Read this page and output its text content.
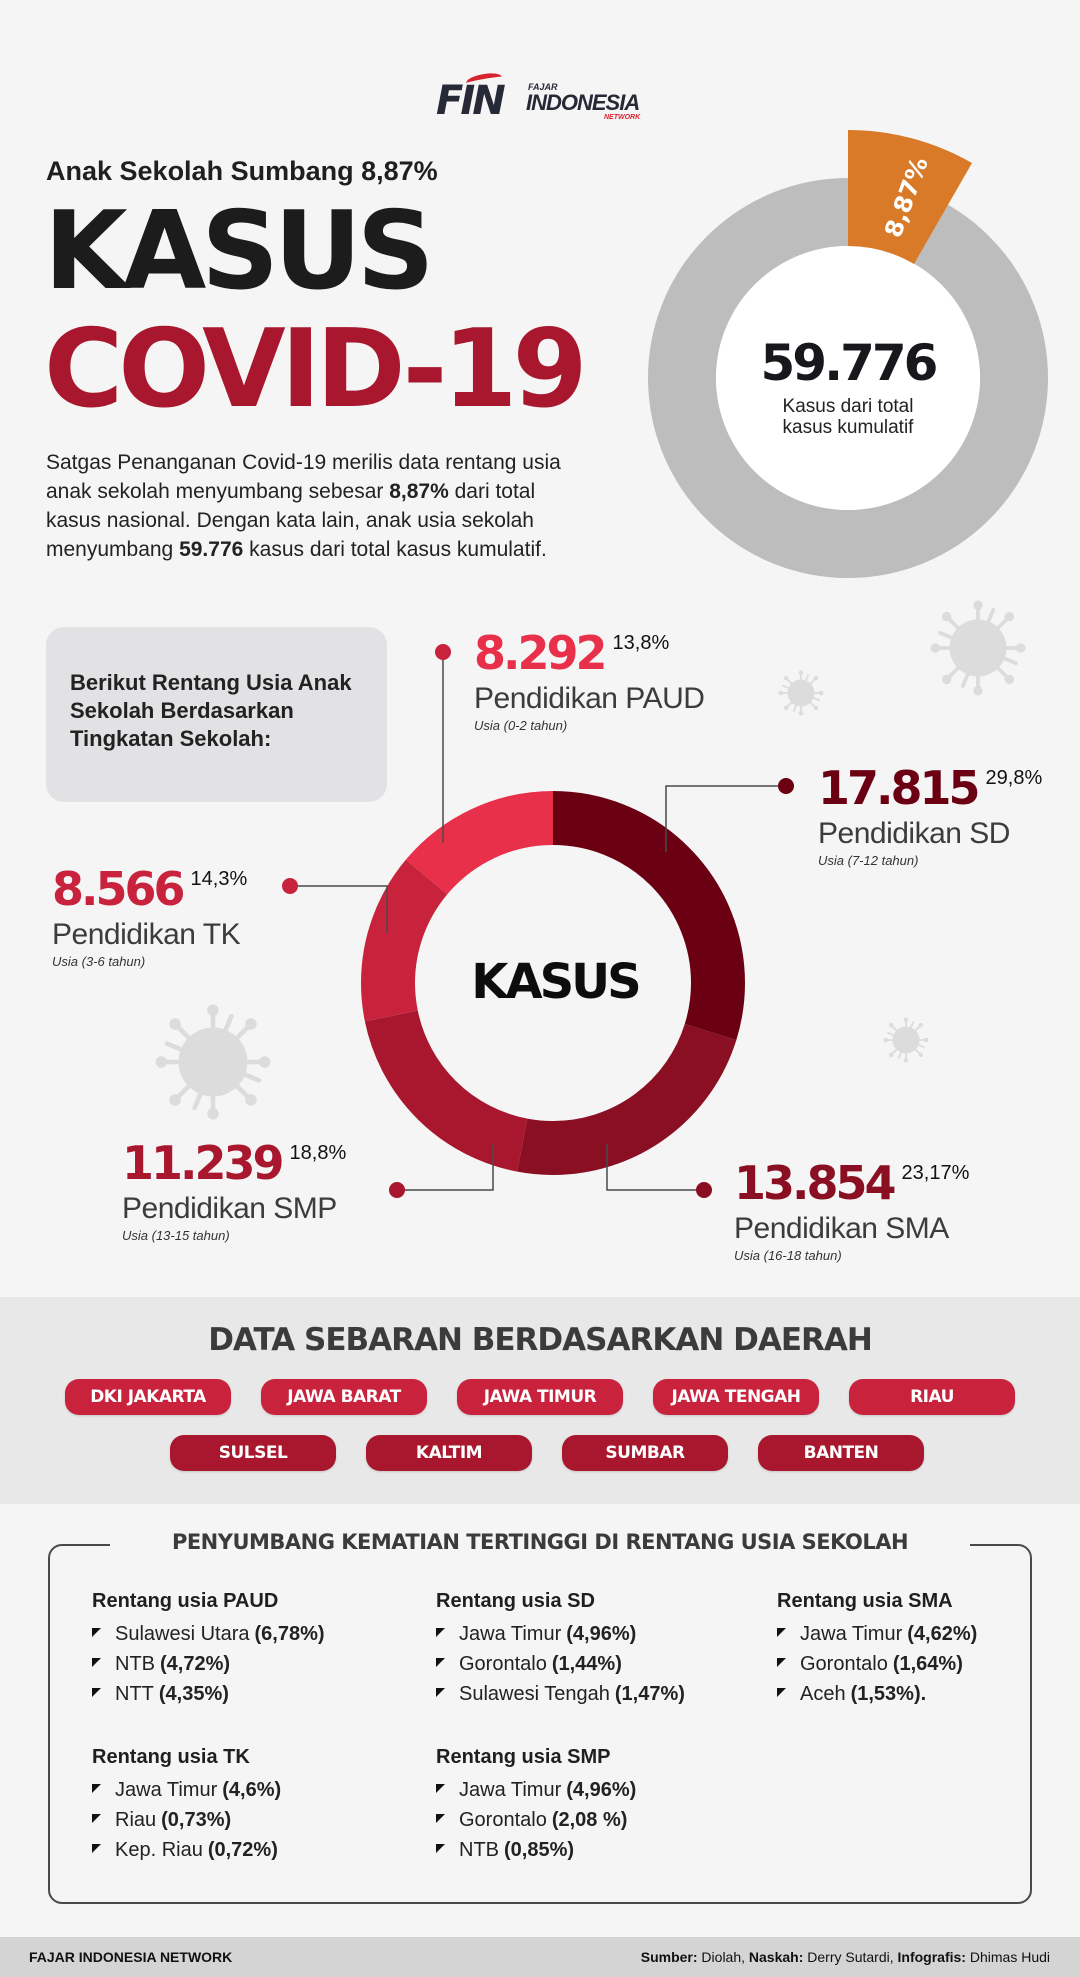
FIN	FAJAR
INDONESIA
NETWORK
Anak Sekolah Sumbang 8,87%
KASUS
COVID-19
Satgas Penanganan Covid-19 merilis data rentang usia anak sekolah menyumbang sebesar 8,87% dari total kasus nasional. Dengan kata lain, anak usia sekolah menyumbang 59.776 kasus dari total kasus kumulatif.
8,87%
59.776
Kasus dari total
kasus kumulatif
KASUS
Berikut Rentang Usia Anak
Sekolah Berdasarkan
Tingkatan Sekolah:
8.292 13,8%
Pendidikan PAUD
Usia (0-2 tahun)
17.815 29,8%
Pendidikan SD
Usia (7-12 tahun)
8.566 14,3%
Pendidikan TK
Usia (3-6 tahun)
11.239 18,8%
Pendidikan SMP
Usia (13-15 tahun)
13.854 23,17%
Pendidikan SMA
Usia (16-18 tahun)
DATA SEBARAN BERDASARKAN DAERAH
DKI JAKARTA	JAWA BARAT	JAWA TIMUR	JAWA TENGAH	RIAU
SULSEL	KALTIM	SUMBAR	BANTEN
PENYUMBANG KEMATIAN TERTINGGI DI RENTANG USIA SEKOLAH
Rentang usia PAUD
Sulawesi Utara (6,78%)
NTB (4,72%)
NTT (4,35%)
Rentang usia SD
Jawa Timur (4,96%)
Gorontalo (1,44%)
Sulawesi Tengah (1,47%)
Rentang usia SMA
Jawa Timur (4,62%)
Gorontalo (1,64%)
Aceh (1,53%).
Rentang usia TK
Jawa Timur (4,6%)
Riau (0,73%)
Kep. Riau (0,72%)
Rentang usia SMP
Jawa Timur (4,96%)
Gorontalo (2,08 %)
NTB (0,85%)
FAJAR INDONESIA NETWORK	Sumber: Diolah, Naskah: Derry Sutardi, Infografis: Dhimas Hudi
